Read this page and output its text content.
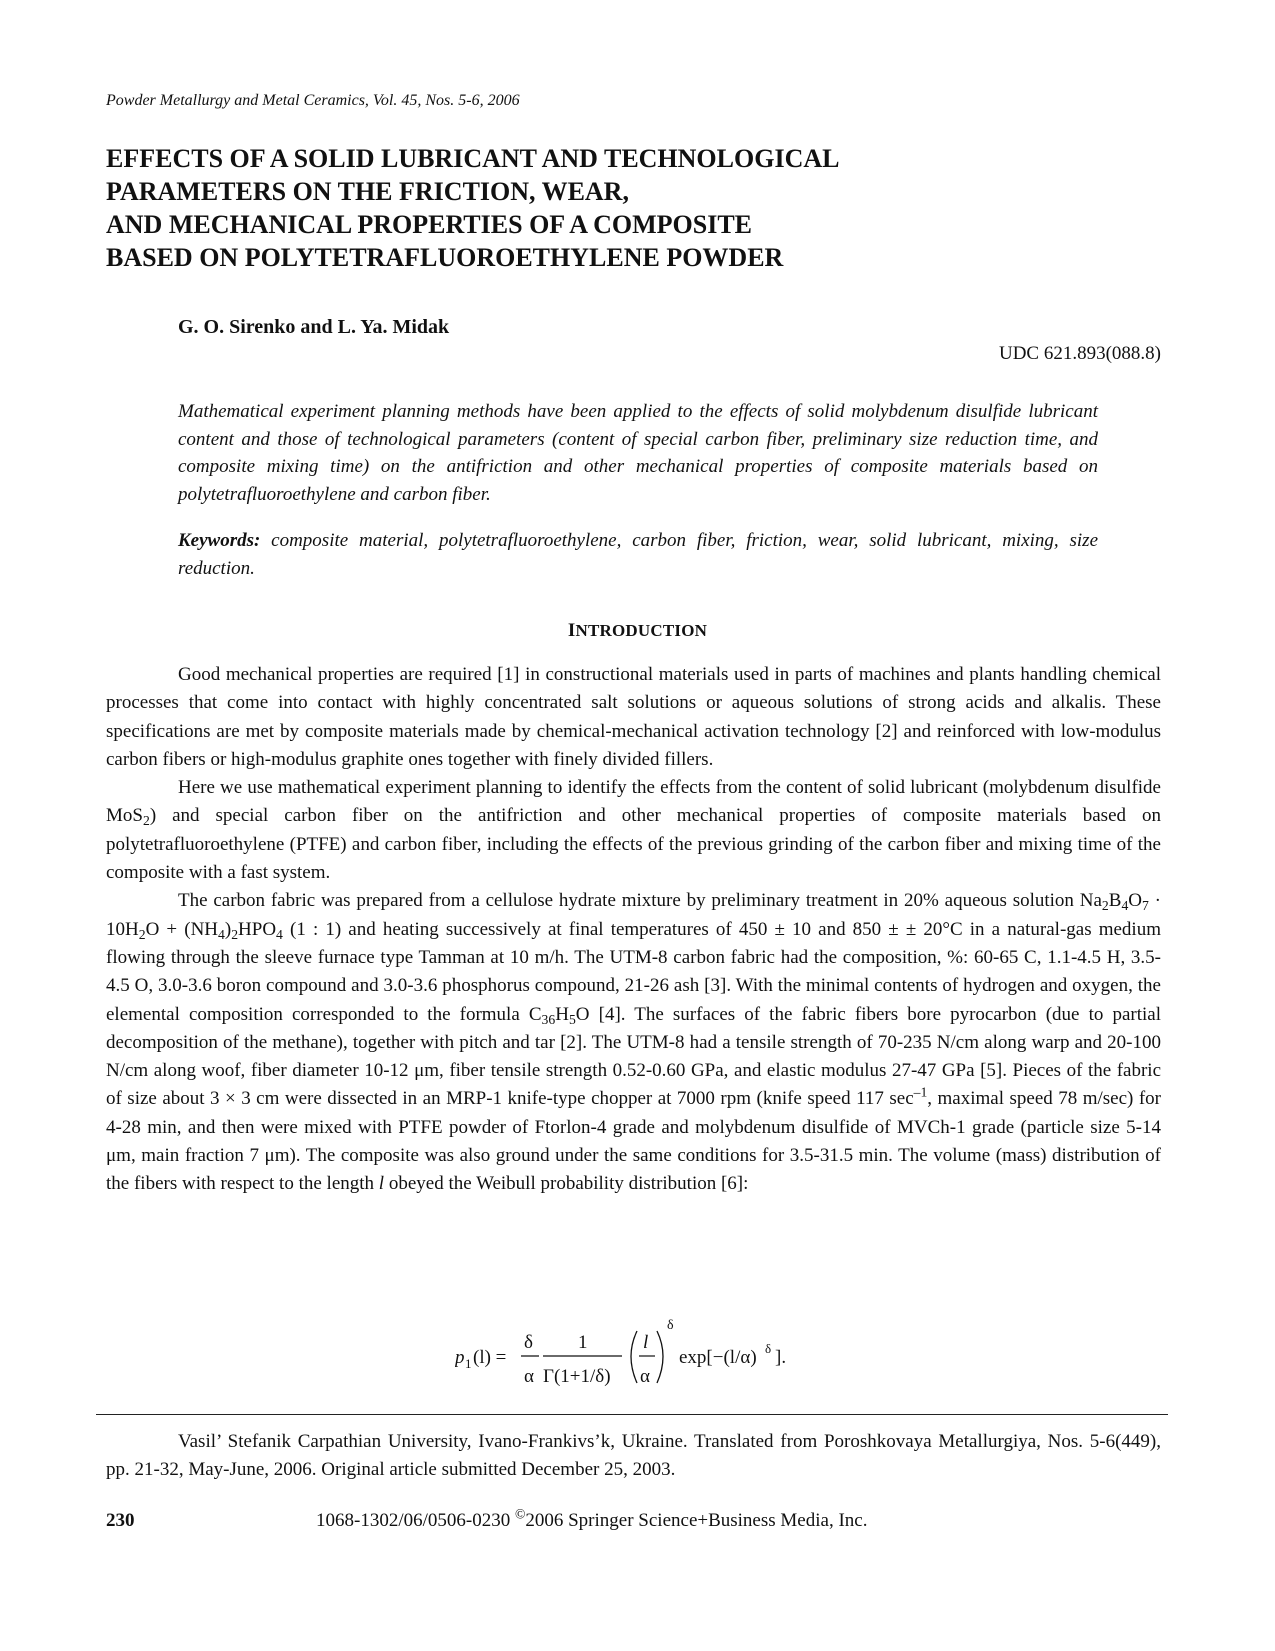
Powder Metallurgy and Metal Ceramics, Vol. 45, Nos. 5-6, 2006
EFFECTS OF A SOLID LUBRICANT AND TECHNOLOGICAL
PARAMETERS ON THE FRICTION, WEAR,
AND MECHANICAL PROPERTIES OF A COMPOSITE
BASED ON POLYTETRAFLUOROETHYLENE POWDER
G. O. Sirenko and L. Ya. Midak
UDC 621.893(088.8)

Mathematical experiment planning methods have been applied to the effects of solid molybdenum disulfide lubricant content and those of technological parameters (content of special carbon fiber, preliminary size reduction time, and composite mixing time) on the antifriction and other mechanical properties of composite materials based on polytetrafluoroethylene and carbon fiber.

Keywords: composite material, polytetrafluoroethylene, carbon fiber, friction, wear, solid lubricant, mixing, size reduction.

INTRODUCTION

Good mechanical properties are required [1] in constructional materials used in parts of machines and plants handling chemical processes that come into contact with highly concentrated salt solutions or aqueous solutions of strong acids and alkalis. These specifications are met by composite materials made by chemical-mechanical activation technology [2] and reinforced with low-modulus carbon fibers or high-modulus graphite ones together with finely divided fillers.

Here we use mathematical experiment planning to identify the effects from the content of solid lubricant (molybdenum disulfide MoS$_2$) and special carbon fiber on the antifriction and other mechanical properties of composite materials based on polytetrafluoroethylene (PTFE) and carbon fiber, including the effects of the previous grinding of the carbon fiber and mixing time of the composite with a fast system.

The carbon fabric was prepared from a cellulose hydrate mixture by preliminary treatment in 20% aqueous solution $Na_2B_4O_7 \cdot 10H_2O + (NH_4)_2HPO_4$ (1 : 1) and heating successively at final temperatures of 450 ± 10 and 850 ± ± 20°C in a natural-gas medium flowing through the sleeve furnace type Tamman at 10 m/h. The UTM-8 carbon fabric had the composition, %: 60-65 C, 1.1-4.5 H, 3.5-4.5 O, 3.0-3.6 boron compound and 3.0-3.6 phosphorus compound, 21-26 ash [3]. With the minimal contents of hydrogen and oxygen, the elemental composition corresponded to the formula $C_{36}H_5O$ [4]. The surfaces of the fabric fibers bore pyrocarbon (due to partial decomposition of the methane), together with pitch and tar [2]. The UTM-8 had a tensile strength of 70-235 N/cm along warp and 20-100 N/cm along woof, fiber diameter 10-12 μm, fiber tensile strength 0.52-0.60 GPa, and elastic modulus 27-47 GPa [5]. Pieces of the fabric of size about 3 × 3 cm were dissected in an MRP-1 knife-type chopper at 7000 rpm (knife speed 117 $\sec^{-1}$, maximal speed 78 m/sec) for 4-28 min, and then were mixed with PTFE powder of Ftorlon-4 grade and molybdenum disulfide of MVCh-1 grade (particle size 5-14 μm, main fraction 7 μm). The composite was also ground under the same conditions for 3.5-31.5 min. The volume (mass) distribution of the fibers with respect to the length l obeyed the Weibull probability distribution [6]:

p 1 (l) =
δ
α
1
Γ(1+1/δ)
l
α
δ
exp[−(l/α) δ ].

Vasil’ Stefanik Carpathian University, Ivano-Frankivs’k, Ukraine. Translated from Poroshkovaya Metallurgiya, Nos. 5-6(449), pp. 21-32, May-June, 2006. Original article submitted December 25, 2003.

230	1068-1302/06/0506-0230 ©2006 Springer Science+Business Media, Inc.
